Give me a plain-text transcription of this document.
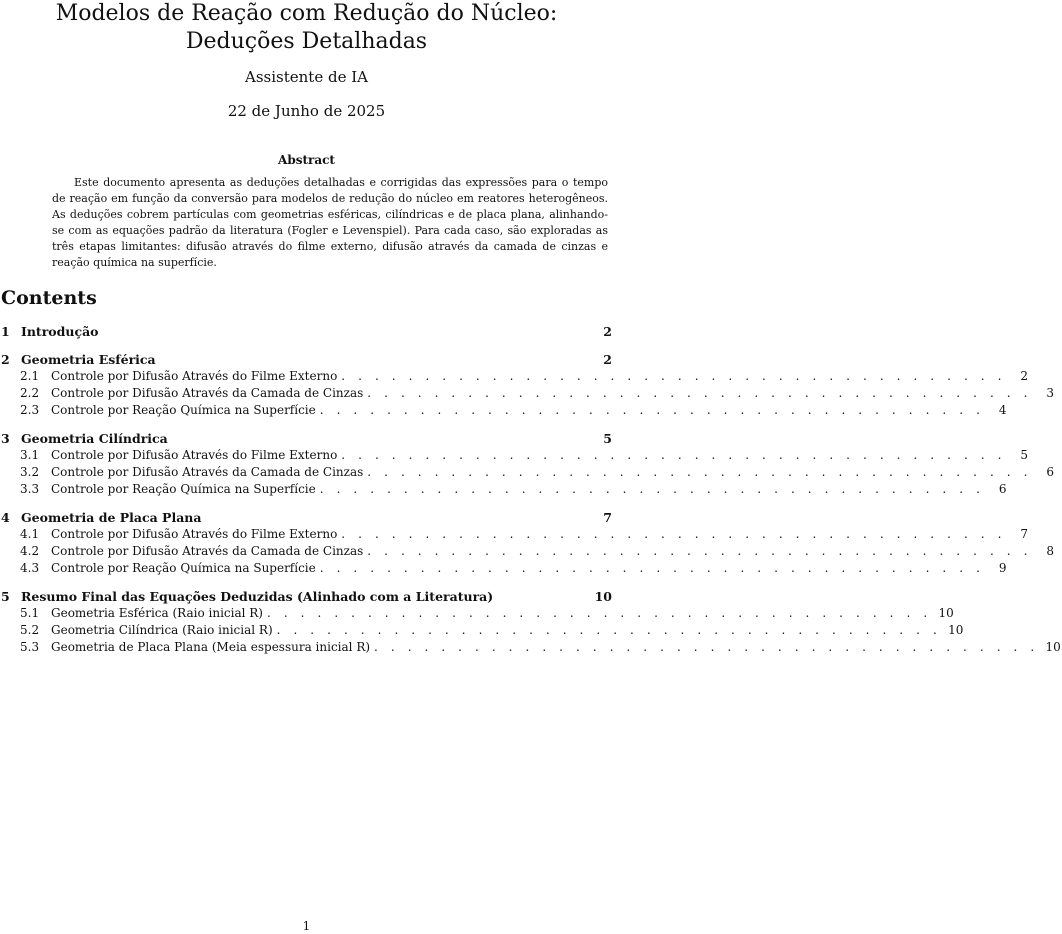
Modelos de Reação com Redução do Núcleo: Deduções Detalhadas
Assistente de IA
22 de Junho de 2025
Abstract

Este documento apresenta as deduções detalhadas e corrigidas das expressões para o tempo de reação em função da conversão para modelos de redução do núcleo em reatores heterogêneos. As deduções cobrem partículas com geometrias esféricas, cilíndricas e de placa plana, alinhando-se com as equações padrão da literatura (Fogler e Levenspiel). Para cada caso, são exploradas as três etapas limitantes: difusão através do filme externo, difusão através da camada de cinzas e reação química na superfície.

Contents
1 Introdução	2
2 Geometria Esférica	2
2.1 Controle por Difusão Através do Filme Externo . . . . . . . . . . . . . . . . . . . . . . . . . . . . . . . . . . . . . . . .	2
2.2 Controle por Difusão Através da Camada de Cinzas . . . . . . . . . . . . . . . . . . . . . . . . . . . . . . . . . . . . . . . .	3
2.3 Controle por Reação Química na Superfície . . . . . . . . . . . . . . . . . . . . . . . . . . . . . . . . . . . . . . . .	4
3 Geometria Cilíndrica	5
3.1 Controle por Difusão Através do Filme Externo . . . . . . . . . . . . . . . . . . . . . . . . . . . . . . . . . . . . . . . .	5
3.2 Controle por Difusão Através da Camada de Cinzas . . . . . . . . . . . . . . . . . . . . . . . . . . . . . . . . . . . . . . . .	6
3.3 Controle por Reação Química na Superfície . . . . . . . . . . . . . . . . . . . . . . . . . . . . . . . . . . . . . . . .	6
4 Geometria de Placa Plana	7
4.1 Controle por Difusão Através do Filme Externo . . . . . . . . . . . . . . . . . . . . . . . . . . . . . . . . . . . . . . . .	7
4.2 Controle por Difusão Através da Camada de Cinzas . . . . . . . . . . . . . . . . . . . . . . . . . . . . . . . . . . . . . . . .	8
4.3 Controle por Reação Química na Superfície . . . . . . . . . . . . . . . . . . . . . . . . . . . . . . . . . . . . . . . .	9
5 Resumo Final das Equações Deduzidas (Alinhado com a Literatura)	10
5.1 Geometria Esférica (Raio inicial R) . . . . . . . . . . . . . . . . . . . . . . . . . . . . . . . . . . . . . . . . 10
5.2 Geometria Cilíndrica (Raio inicial R) . . . . . . . . . . . . . . . . . . . . . . . . . . . . . . . . . . . . . . . . 10
5.3 Geometria de Placa Plana (Meia espessura inicial R) . . . . . . . . . . . . . . . . . . . . . . . . . . . . . . . . . . . . . . . . 10
1
